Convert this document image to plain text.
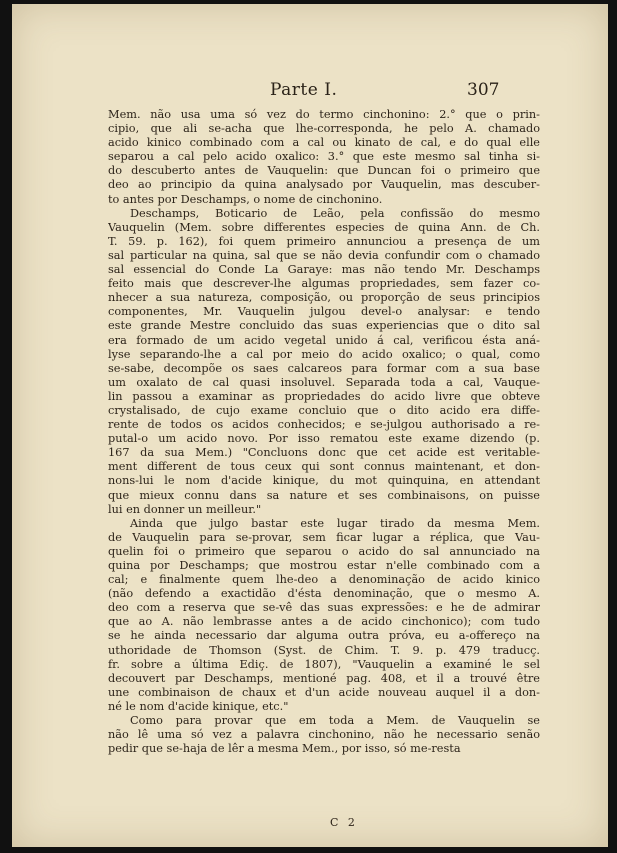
Parte I.	307
Mem. não usa uma só vez do termo cinchonino: 2.° que o prin-
cipio, que ali se-acha que lhe-corresponda, he pelo A. chamado
acido kinico combinado com a cal ou kinato de cal, e do qual elle
separou a cal pelo acido oxalico: 3.° que este mesmo sal tinha si-
do descuberto antes de Vauquelin: que Duncan foi o primeiro que
deo ao principio da quina analysado por Vauquelin, mas descuber-
to antes por Deschamps, o nome de cinchonino.
Deschamps, Boticario de Leão, pela confissão do mesmo
Vauquelin (Mem. sobre differentes especies de quina Ann. de Ch.
T. 59. p. 162), foi quem primeiro annunciou a presença de um
sal particular na quina, sal que se não devia confundir com o chamado
sal essencial do Conde La Garaye: mas não tendo Mr. Deschamps
feito mais que descrever-lhe algumas propriedades, sem fazer co-
nhecer a sua natureza, composição, ou proporção de seus principios
componentes, Mr. Vauquelin julgou devel-o analysar: e tendo
este grande Mestre concluido das suas experiencias que o dito sal
era formado de um acido vegetal unido á cal, verificou ésta aná-
lyse separando-lhe a cal por meio do acido oxalico; o qual, como
se-sabe, decompõe os saes calcareos para formar com a sua base
um oxalato de cal quasi insoluvel. Separada toda a cal, Vauque-
lin passou a examinar as propriedades do acido livre que obteve
crystalisado, de cujo exame concluio que o dito acido era diffe-
rente de todos os acidos conhecidos; e se-julgou authorisado a re-
putal-o um acido novo. Por isso rematou este exame dizendo (p.
167 da sua Mem.) "Concluons donc que cet acide est veritable-
ment different de tous ceux qui sont connus maintenant, et don-
nons-lui le nom d'acide kinique, du mot quinquina, en attendant
que mieux connu dans sa nature et ses combinaisons, on puisse
lui en donner un meilleur."
Ainda que julgo bastar este lugar tirado da mesma Mem.
de Vauquelin para se-provar, sem ficar lugar a réplica, que Vau-
quelin foi o primeiro que separou o acido do sal annunciado na
quina por Deschamps; que mostrou estar n'elle combinado com a
cal; e finalmente quem lhe-deo a denominação de acido kinico
(não defendo a exactidão d'ésta denominação, que o mesmo A.
deo com a reserva que se-vê das suas expressões: e he de admirar
que ao A. não lembrasse antes a de acido cinchonico); com tudo
se he ainda necessario dar alguma outra próva, eu a-offereço na
uthoridade de Thomson (Syst. de Chim. T. 9. p. 479 traducç.
fr. sobre a última Ediç. de 1807), "Vauquelin a examiné le sel
decouvert par Deschamps, mentioné pag. 408, et il a trouvé être
une combinaison de chaux et d'un acide nouveau auquel il a don-
né le nom d'acide kinique, etc."
Como para provar que em toda a Mem. de Vauquelin se
não lê uma só vez a palavra cinchonino, não he necessario senão
pedir que se-haja de lêr a mesma Mem., por isso, só me-resta
C 2
